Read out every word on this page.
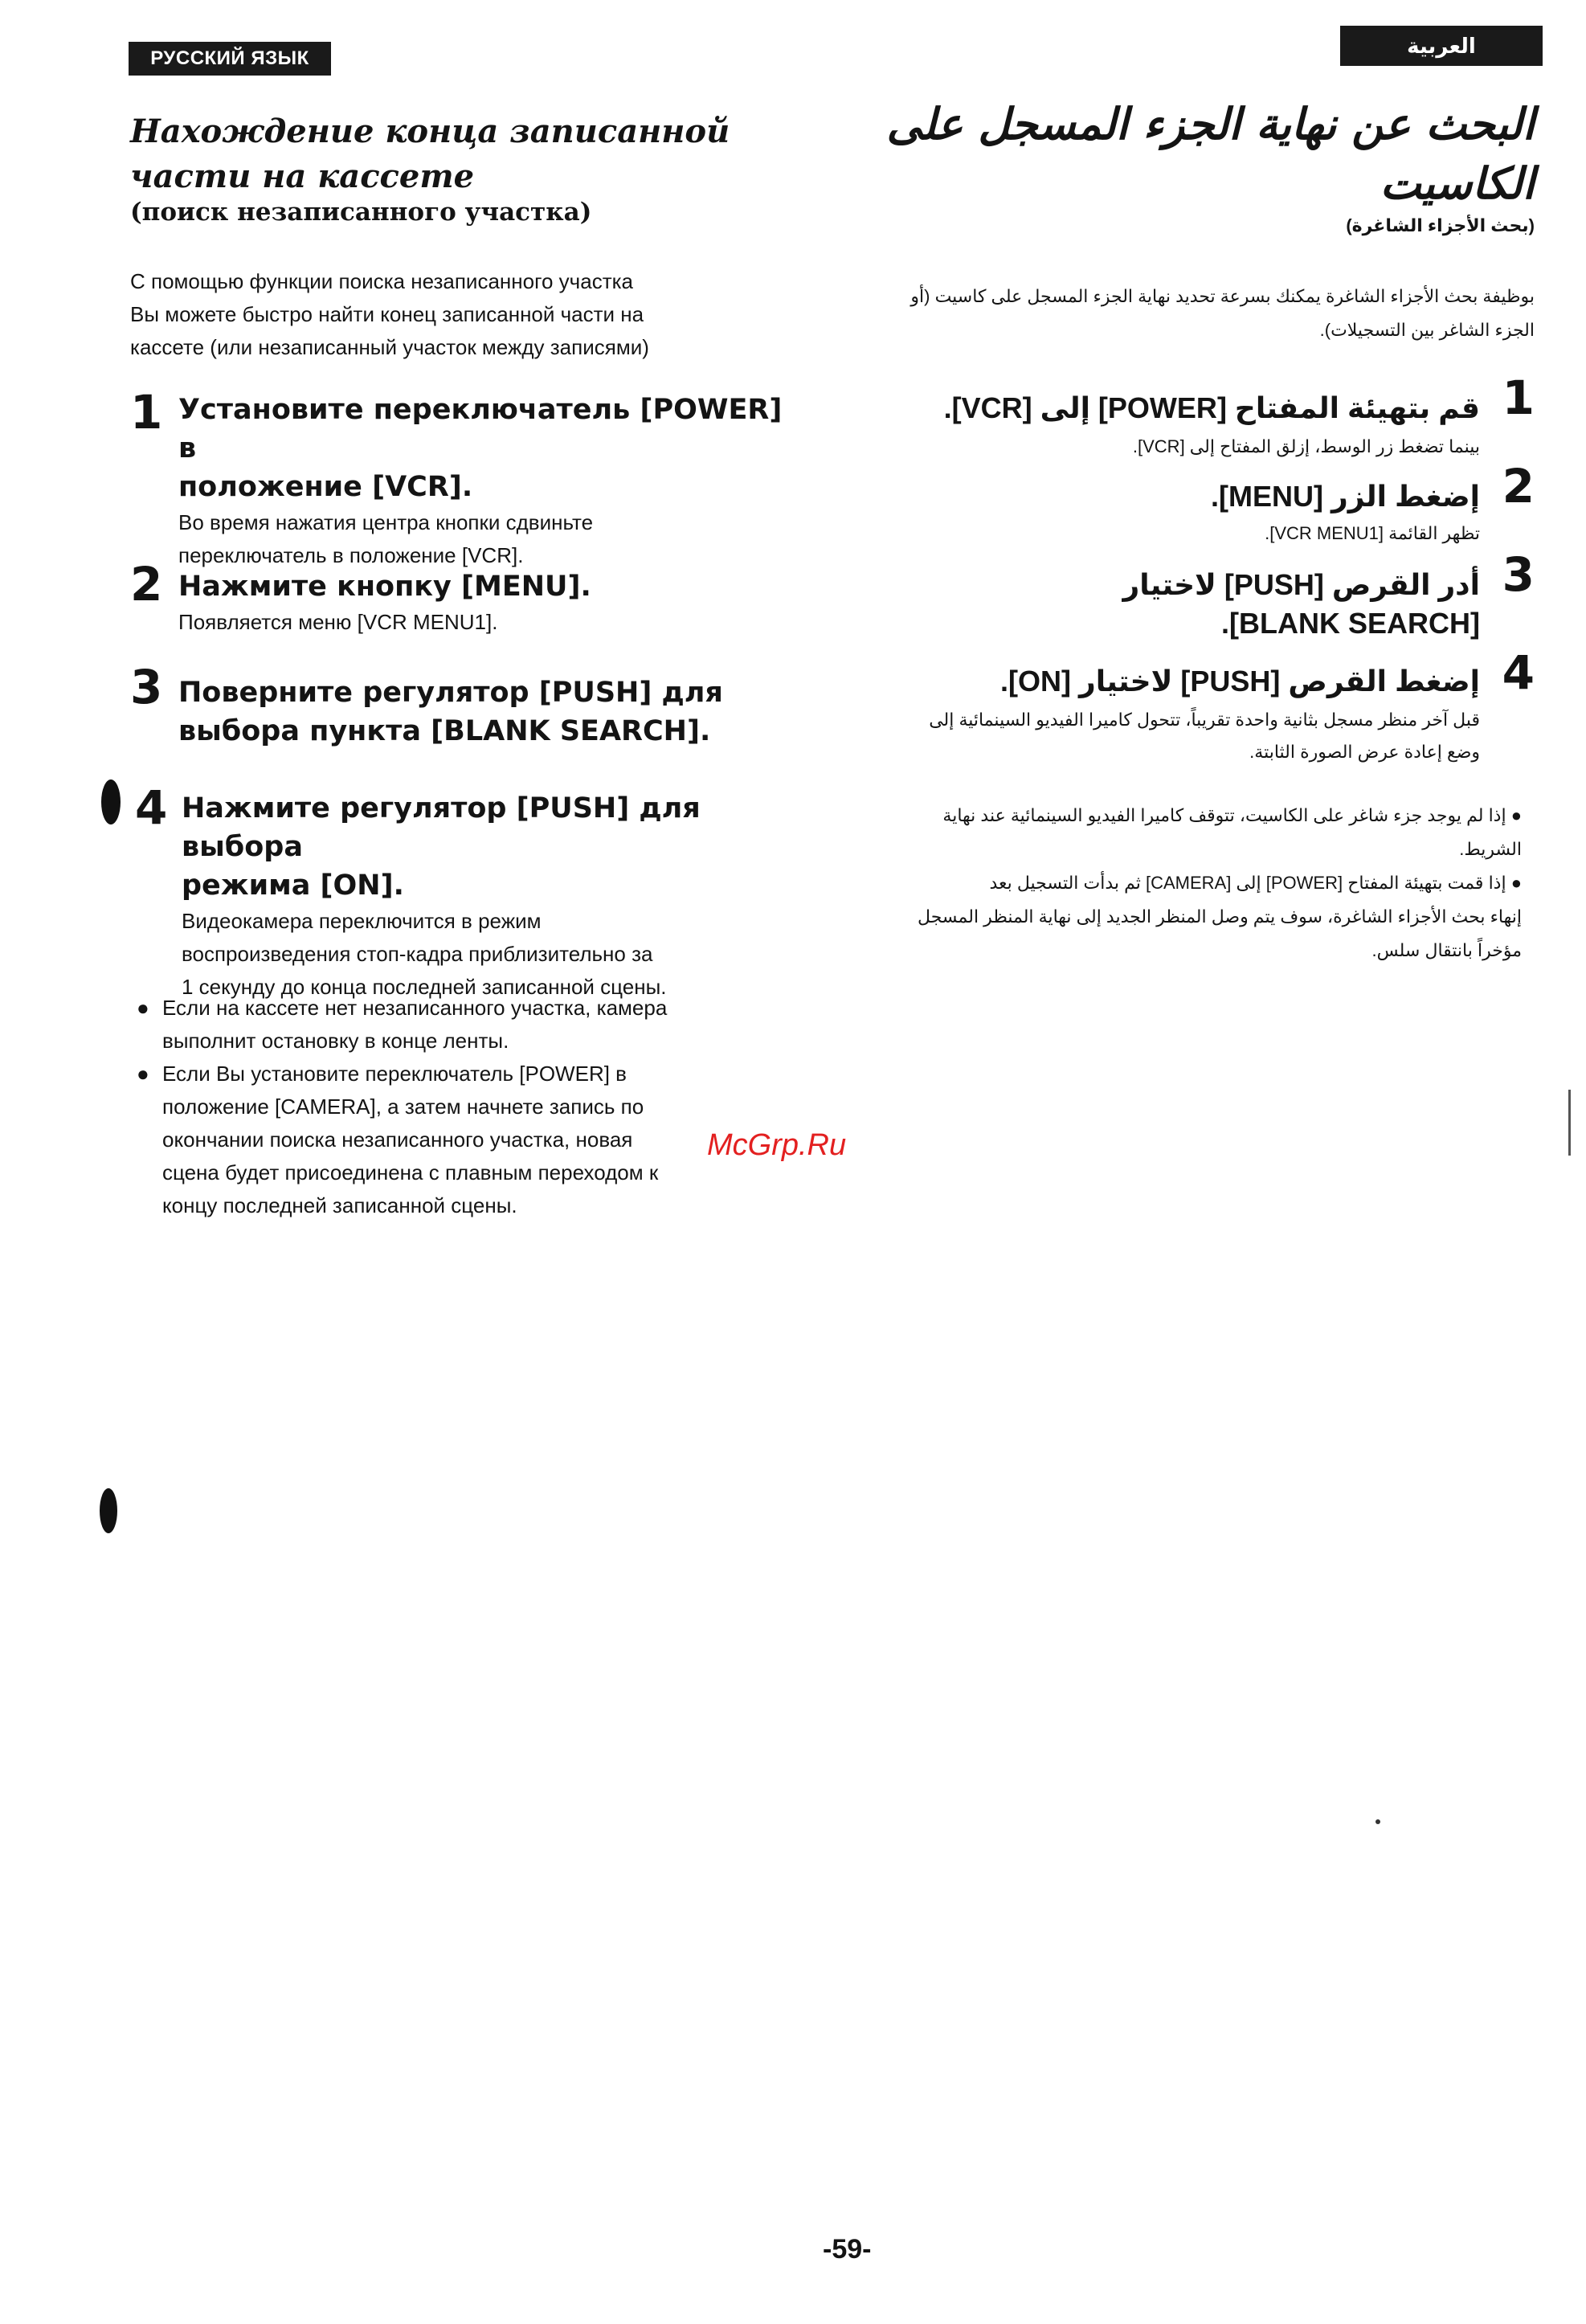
РУССКИЙ ЯЗЫК
العربية
Нахождение конца записанной
части на кассете
(поиск незаписанного участка)
С помощью функции поиска незаписанного участка
Вы можете быстро найти конец записанной части на
кассете (или незаписанный участок между записями)
1 Установите переключатель [POWER] в
положение [VCR].
Во время нажатия центра кнопки сдвиньте
переключатель в положение [VCR].
2 Нажмите кнопку [MENU].
Появляется меню [VCR MENU1].
3 Поверните регулятор [PUSH] для
выбора пункта [BLANK SEARCH].
4 Нажмите регулятор [PUSH] для выбора
режима [ON].
Видеокамера переключится в режим
воспроизведения стоп-кадра приблизительно за
1 секунду до конца последней записанной сцены.
● Если на кассете нет незаписанного участка, камера
выполнит остановку в конце ленты.
● Если Вы установите переключатель [POWER] в
положение [CAMERA], а затем начнете запись по
окончании поиска незаписанного участка, новая
сцена будет присоединена с плавным переходом к
концу последней записанной сцены.
البحث عن نهاية الجزء المسجل على
الكاسيت
(بحث الأجزاء الشاغرة)
بوظيفة بحث الأجزاء الشاغرة يمكنك بسرعة تحديد نهاية الجزء المسجل على كاسيت (أو
الجزء الشاغر بين التسجيلات).
1
قم بتهيئة المفتاح [POWER] إلى [VCR].
بينما تضغط زر الوسط، إزلق المفتاح إلى [VCR].
2
إضغط الزر [MENU].
تظهر القائمة [VCR MENU1].
3
أدر القرص [PUSH] لاختيار
[BLANK SEARCH].
4
إضغط القرص [PUSH] لاختيار [ON].
قبل آخر منظر مسجل بثانية واحدة تقريباً، تتحول كاميرا الفيديو السينمائية إلى
وضع إعادة عرض الصورة الثابتة.
● إذا لم يوجد جزء شاغر على الكاسيت، تتوقف كاميرا الفيديو السينمائية عند نهاية
الشريط.
● إذا قمت بتهيئة المفتاح [POWER] إلى [CAMERA] ثم بدأت التسجيل بعد
إنهاء بحث الأجزاء الشاغرة، سوف يتم وصل المنظر الجديد إلى نهاية المنظر المسجل
مؤخراً بانتقال سلس.
McGrp.Ru
-59-
